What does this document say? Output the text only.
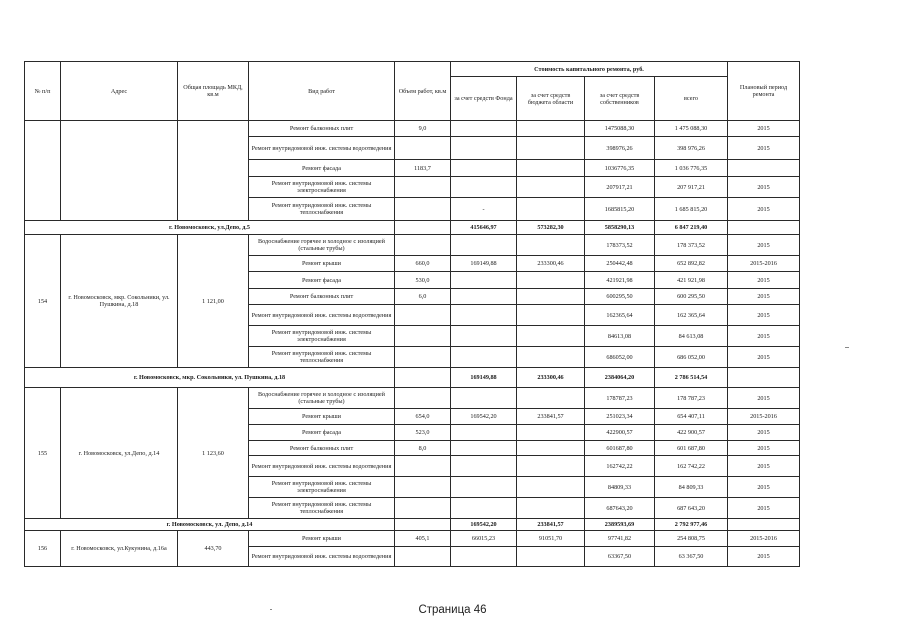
№ п/п	Адрес	Общая площадь МКД, кв.м	Вид работ	Объем работ, кв.м	Стоимость капитального ремонта, руб.				Плановый период ремонта
					за счет средств Фонда	за счет средств бюджета области	за счет средств собственников	всего	
			Ремонт балконных плит	9,0			1475088,30	1 475 088,30	2015
			Ремонт внутридомовой инж. системы водоотведения				398976,26	398 976,26	2015
			Ремонт фасада	1183,7			1036776,35	1 036 776,35	
			Ремонт внутридомовой инж. системы электроснабжения				207917,21	207 917,21	2015
			Ремонт внутридомовой инж. системы теплоснабжения		-		1685815,20	1 685 815,20	2015
г. Новомосковск, ул.Депо, д.5					415646,97	573282,30	5858290,13	6 847 219,40	
154	г. Новомосковск, мкр. Сокольники, ул. Пушкина, д.18	1 121,00	Водоснабжение горячее и холодное с изоляцией (стальные трубы)				178373,52	178 373,52	2015
			Ремонт крыши	660,0	169149,88	233300,46	250442,48	652 892,82	2015-2016
			Ремонт фасада	530,0			421921,98	421 921,98	2015
			Ремонт балконных плит	6,0			600295,50	600 295,50	2015
			Ремонт внутридомовой инж. системы водоотведения				162365,64	162 365,64	2015
			Ремонт внутридомовой инж. системы электроснабжения				84613,08	84 613,08	2015
			Ремонт внутридомовой инж. системы теплоснабжения				686052,00	686 052,00	2015
г. Новомосковск, мкр. Сокольники, ул. Пушкина, д.18					169149,88	233300,46	2384064,20	2 786 514,54	
155	г. Новомосковск, ул.Депо, д.14	1 123,60	Водоснабжение горячее и холодное с изоляцией (стальные трубы)				178787,23	178 787,23	2015
			Ремонт крыши	654,0	169542,20	233841,57	251023,34	654 407,11	2015-2016
			Ремонт фасада	523,0			422900,57	422 900,57	2015
			Ремонт балконных плит	8,0			601687,80	601 687,80	2015
			Ремонт внутридомовой инж. системы водоотведения				162742,22	162 742,22	2015
			Ремонт внутридомовой инж. системы электроснабжения				84809,33	84 809,33	2015
			Ремонт внутридомовой инж. системы теплоснабжения				687643,20	687 643,20	2015
г. Новомосковск, ул. Депо, д.14					169542,20	233841,57	2389593,69	2 792 977,46	
156	г. Новомосковск, ул.Кукунина, д.16а	443,70	Ремонт крыши	405,1	66015,23	91051,70	97741,82	254 808,75	2015-2016
			Ремонт внутридомовой инж. системы водоотведения				63367,50	63 367,50	2015
Страница 46
